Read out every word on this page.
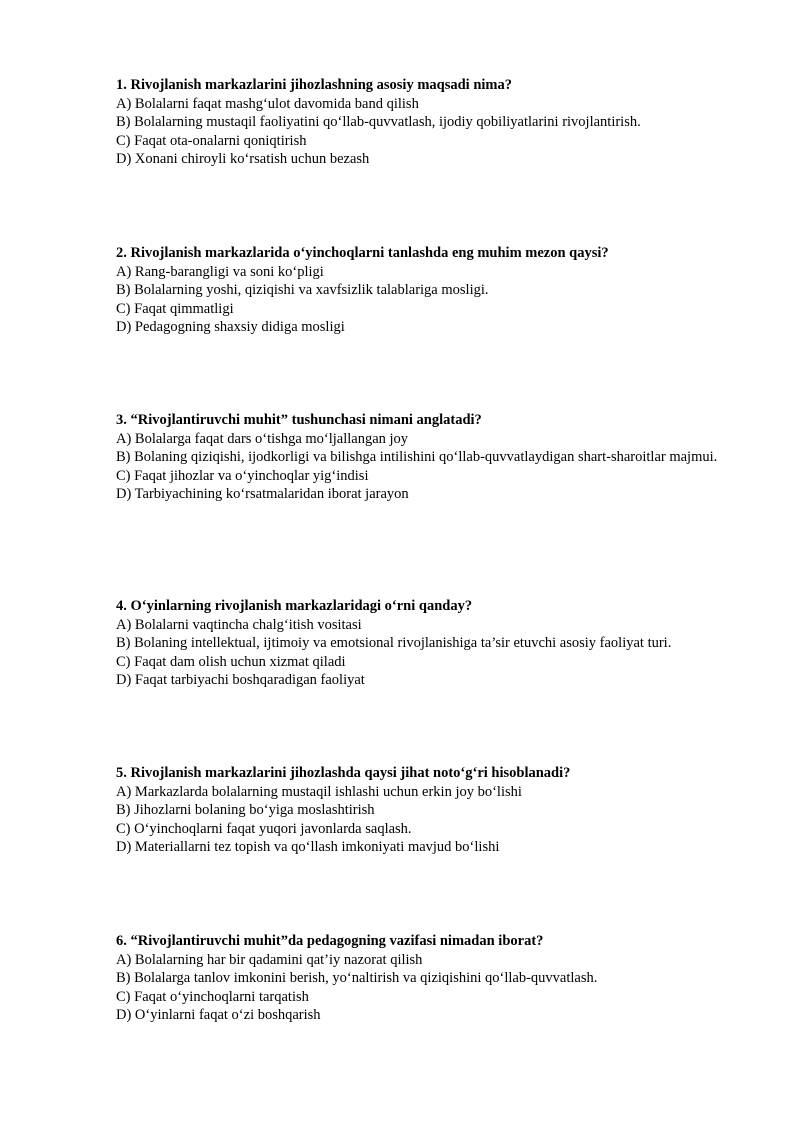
1. Rivojlanish markazlarini jihozlashning asosiy maqsadi nima?

A) Bolalarni faqat mashg‘ulot davomida band qilish

B) Bolalarning mustaqil faoliyatini qo‘llab-quvvatlash, ijodiy qobiliyatlarini rivojlantirish.

C) Faqat ota-onalarni qoniqtirish

D) Xonani chiroyli ko‘rsatish uchun bezash

2. Rivojlanish markazlarida o‘yinchoqlarni tanlashda eng muhim mezon qaysi?

A) Rang-barangligi va soni ko‘pligi

B) Bolalarning yoshi, qiziqishi va xavfsizlik talablariga mosligi.

C) Faqat qimmatligi

D) Pedagogning shaxsiy didiga mosligi

3. “Rivojlantiruvchi muhit” tushunchasi nimani anglatadi?

A) Bolalarga faqat dars o‘tishga mo‘ljallangan joy

B) Bolaning qiziqishi, ijodkorligi va bilishga intilishini qo‘llab-quvvatlaydigan shart-sharoitlar majmui.

C) Faqat jihozlar va o‘yinchoqlar yig‘indisi

D) Tarbiyachining ko‘rsatmalaridan iborat jarayon

4. O‘yinlarning rivojlanish markazlaridagi o‘rni qanday?

A) Bolalarni vaqtincha chalg‘itish vositasi

B) Bolaning intellektual, ijtimoiy va emotsional rivojlanishiga ta’sir etuvchi asosiy faoliyat turi.

C) Faqat dam olish uchun xizmat qiladi

D) Faqat tarbiyachi boshqaradigan faoliyat

5. Rivojlanish markazlarini jihozlashda qaysi jihat noto‘g‘ri hisoblanadi?

A) Markazlarda bolalarning mustaqil ishlashi uchun erkin joy bo‘lishi

B) Jihozlarni bolaning bo‘yiga moslashtirish

C) O‘yinchoqlarni faqat yuqori javonlarda saqlash.

D) Materiallarni tez topish va qo‘llash imkoniyati mavjud bo‘lishi

6. “Rivojlantiruvchi muhit”da pedagogning vazifasi nimadan iborat?

A) Bolalarning har bir qadamini qat’iy nazorat qilish

B) Bolalarga tanlov imkonini berish, yo‘naltirish va qiziqishini qo‘llab-quvvatlash.

C) Faqat o‘yinchoqlarni tarqatish

D) O‘yinlarni faqat o‘zi boshqarish
